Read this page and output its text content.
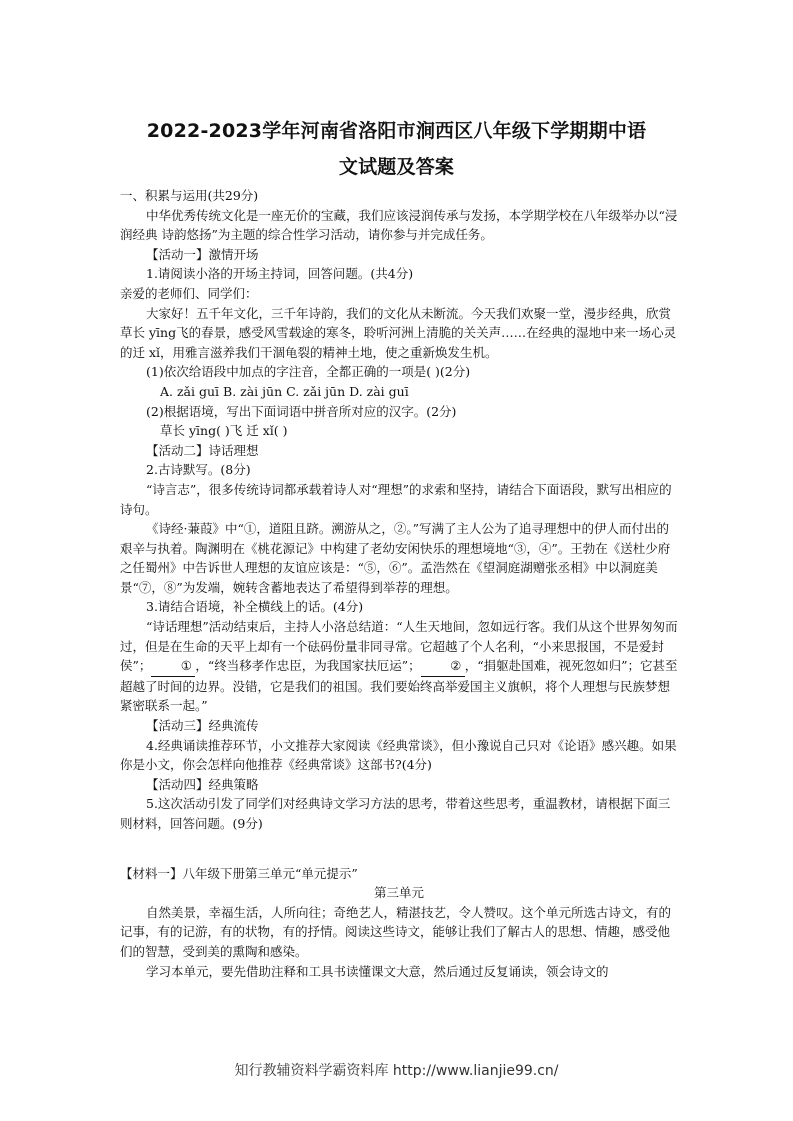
2022-2023学年河南省洛阳市涧西区八年级下学期期中语
文试题及答案

一、积累与运用(共29分)

中华优秀传统文化是一座无价的宝藏，我们应该浸润传承与发扬，本学期学校在八年级举办以“浸润经典 诗韵悠扬”为主题的综合性学习活动，请你参与并完成任务。

【活动一】激情开场

1.请阅读小洛的开场主持词，回答问题。(共4分)

亲爱的老师们、同学们：

大家好！五千年文化，三千年诗韵，我们的文化从未断流。今天我们欢聚一堂，漫步经典，欣赏草长 yīng飞的春景，感受风雪载途的寒冬，聆听河洲上清脆的关关声……在经典的湿地中来一场心灵的迁 xǐ，用雅言滋养我们干涸龟裂的精神土地，使之重新焕发生机。

(1)依次给语段中加点的字注音，全都正确的一项是( )(2分)

A. zǎi guī B. zài jūn C. zǎi jūn D. zài guī

(2)根据语境，写出下面词语中拼音所对应的汉字。(2分)

草长 yīng( )飞 迁 xǐ( )

【活动二】诗话理想

2.古诗默写。(8分)

“诗言志”，很多传统诗词都承载着诗人对“理想”的求索和坚持，请结合下面语段，默写出相应的诗句。

《诗经·蒹葭》中“①，道阻且跻。溯游从之，②。”写满了主人公为了追寻理想中的伊人而付出的艰辛与执着。陶渊明在《桃花源记》中构建了老幼安闲快乐的理想境地“③，④”。王勃在《送杜少府之任蜀州》中告诉世人理想的友谊应该是：“⑤，⑥”。孟浩然在《望洞庭湖赠张丞相》中以洞庭美景“⑦，⑧”为发端，婉转含蓄地表达了希望得到举荐的理想。

3.请结合语境，补全横线上的话。(4分)

“诗话理想”活动结束后，主持人小洛总结道：“人生天地间，忽如远行客。我们从这个世界匆匆而过，但是在生命的天平上却有一个砝码份量非同寻常。它超越了个人名利，“小来思报国，不是爱封侯”； ① ，“终当移孝作忠臣，为我国家扶厄运”； ② ，“捐躯赴国难，视死忽如归”；它甚至超越了时间的边界。没错，它是我们的祖国。我们要始终高举爱国主义旗帜，将个人理想与民族梦想紧密联系一起。”

【活动三】经典流传

4.经典诵读推荐环节，小文推荐大家阅读《经典常谈》，但小豫说自己只对《论语》感兴趣。如果你是小文，你会怎样向他推荐《经典常谈》这部书?(4分)

【活动四】经典策略

5.这次活动引发了同学们对经典诗文学习方法的思考，带着这些思考，重温教材，请根据下面三则材料，回答问题。(9分)

【材料一】八年级下册第三单元“单元提示”

第三单元

自然美景，幸福生活，人所向往；奇绝艺人，精湛技艺，令人赞叹。这个单元所选古诗文，有的记事，有的记游，有的状物，有的抒情。阅读这些诗文，能够让我们了解古人的思想、情趣，感受他们的智慧，受到美的熏陶和感染。

学习本单元，要先借助注释和工具书读懂课文大意，然后通过反复诵读，领会诗文的

知行教辅资料学霸资料库 http://www.lianjie99.cn/
